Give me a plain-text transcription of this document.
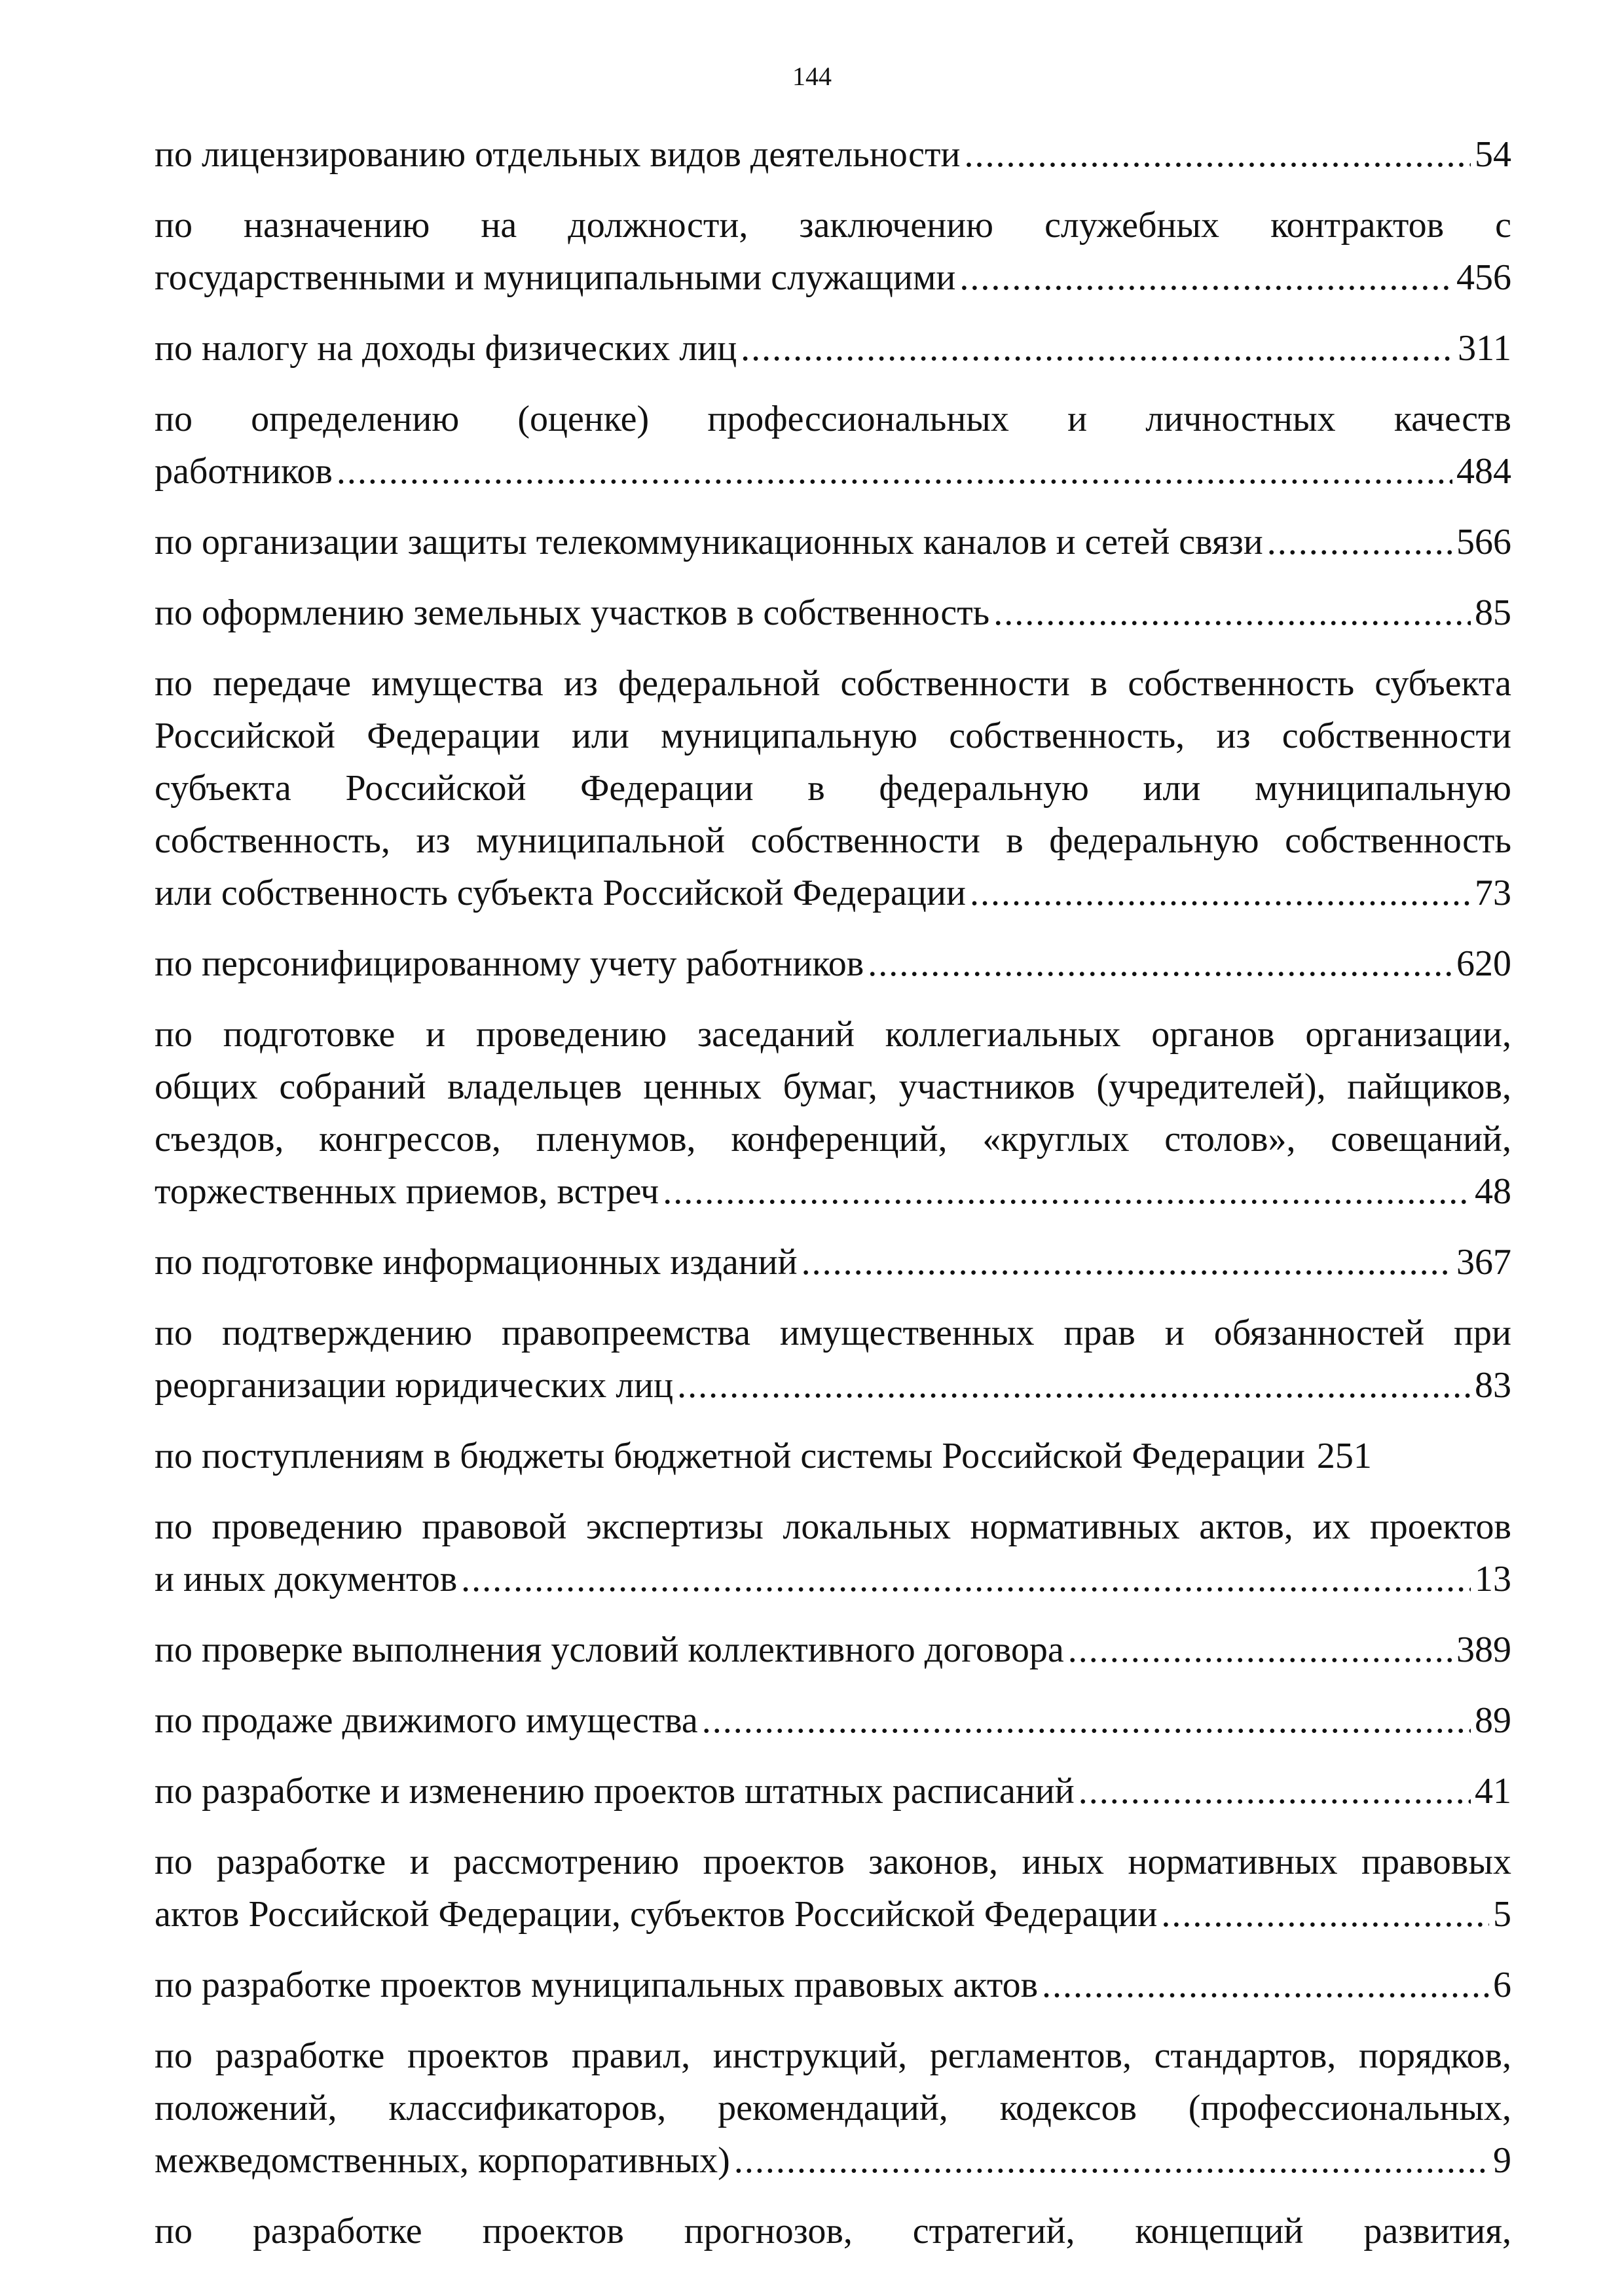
144
по лицензированию отдельных видов деятельности .....	54
по назначению на должности, заключению служебных контрактов с
государственными и муниципальными служащими .....	456
по налогу на доходы физических лиц .....	311
по определению (оценке) профессиональных и личностных качеств
работников .....	484
по организации защиты телекоммуникационных каналов и сетей связи .....	566
по оформлению земельных участков в собственность .....	85
по передаче имущества из федеральной собственности в собственность субъекта
Российской Федерации или муниципальную собственность, из собственности
субъекта Российской Федерации в федеральную или муниципальную
собственность, из муниципальной собственности в федеральную собственность
или собственность субъекта Российской Федерации .....	73
по персонифицированному учету работников .....	620
по подготовке и проведению заседаний коллегиальных органов организации,
общих собраний владельцев ценных бумаг, участников (учредителей), пайщиков,
съездов, конгрессов, пленумов, конференций, «круглых столов», совещаний,
торжественных приемов, встреч .....	48
по подготовке информационных изданий .....	367
по подтверждению правопреемства имущественных прав и обязанностей при
реорганизации юридических лиц .....	83
по поступлениям в бюджеты бюджетной системы Российской Федерации 251
по проведению правовой экспертизы локальных нормативных актов, их проектов
и иных документов .....	13
по проверке выполнения условий коллективного договора .....	389
по продаже движимого имущества .....	89
по разработке и изменению проектов штатных расписаний .....	41
по разработке и рассмотрению проектов законов, иных нормативных правовых
актов Российской Федерации, субъектов Российской Федерации .....	5
по разработке проектов муниципальных правовых актов .....	6
по разработке проектов правил, инструкций, регламентов, стандартов, порядков,
положений, классификаторов, рекомендаций, кодексов (профессиональных,
межведомственных, корпоративных) .....	9
по разработке проектов прогнозов, стратегий, концепций развития,
